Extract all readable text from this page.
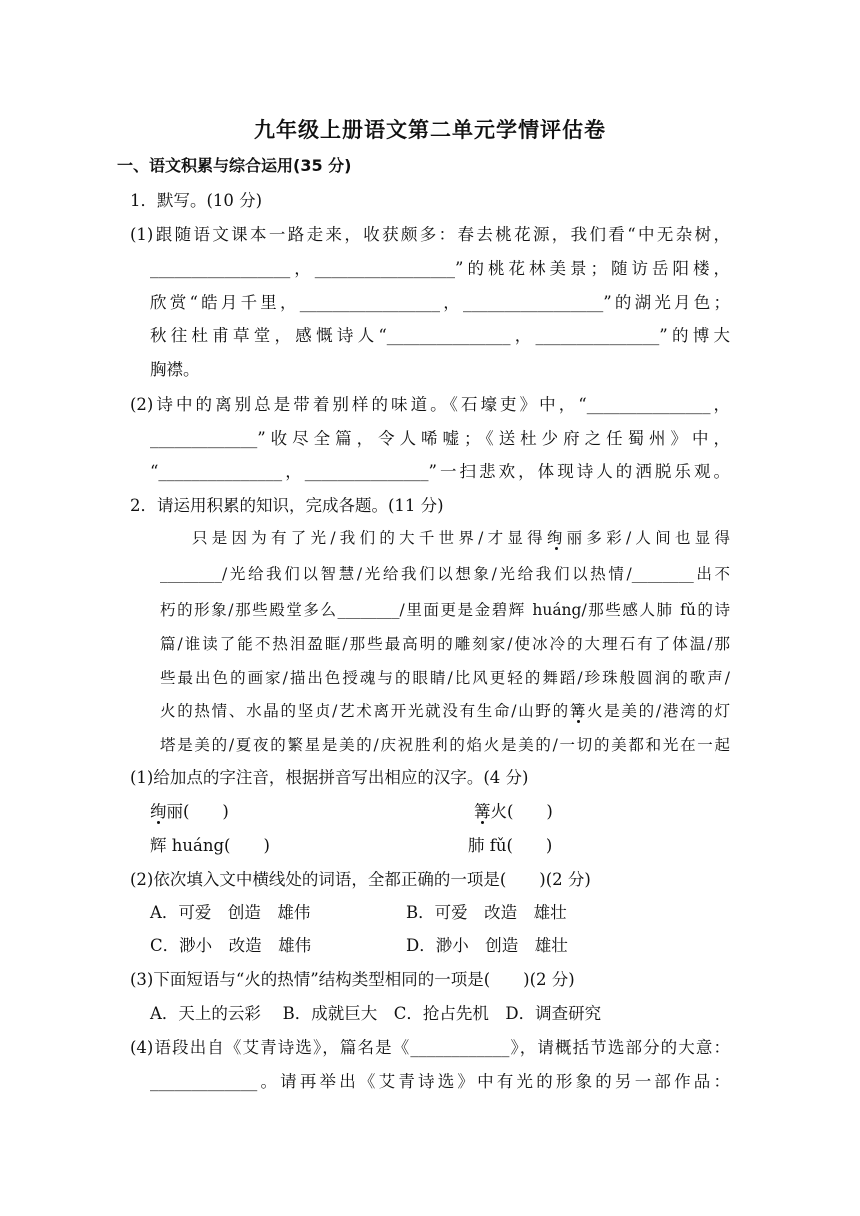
九年级上册语文第二单元学情评估卷
一、语文积累与综合运用(35 分)
1．默写。(10 分)
(1)跟随语文课本一路走来，收获颇多：春去桃花源，我们看“中无杂树，
_________________，_________________”的桃花林美景；随访岳阳楼，
欣赏“皓月千里，_________________，_________________”的湖光月色；
秋往杜甫草堂，感慨诗人“_______________，_______________”的博大
胸襟。
(2)诗中的离别总是带着别样的味道。《石壕吏》中，“_______________，
_____________”收尽全篇，令人唏嘘；《送杜少府之任蜀州》中，
“_______________，_______________”一扫悲欢，体现诗人的洒脱乐观。
2．请运用积累的知识，完成各题。(11 分)
只是因为有了光/我们的大千世界/才显得绚丽多彩/人间也显得
________/光给我们以智慧/光给我们以想象/光给我们以热情/________出不
朽的形象/那些殿堂多么________/里面更是金碧辉 huáng/那些感人肺 fǔ的诗
篇/谁读了能不热泪盈眶/那些最高明的雕刻家/使冰冷的大理石有了体温/那
些最出色的画家/描出色授魂与的眼睛/比风更轻的舞蹈/珍珠般圆润的歌声/
火的热情、水晶的坚贞/艺术离开光就没有生命/山野的篝火是美的/港湾的灯
塔是美的/夏夜的繁星是美的/庆祝胜利的焰火是美的/一切的美都和光在一起
(1)给加点的字注音，根据拼音写出相应的汉字。(4 分)
绚丽(　　)	篝火(　　)
辉 huáng(　　)	肺 fǔ(　　)
(2)依次填入文中横线处的词语，全都正确的一项是(　　)(2 分)
A．可爱　创造　雄伟	B．可爱　改造　雄壮
C．渺小　改造　雄伟	D．渺小　创造　雄壮
(3)下面短语与“火的热情”结构类型相同的一项是(　　)(2 分)
A．天上的云彩　 B．成就巨大　C．抢占先机　D．调查研究
(4)语段出自《艾青诗选》，篇名是《____________》，请概括节选部分的大意：
_____________。请再举出《艾青诗选》中有光的形象的另一部作品：
